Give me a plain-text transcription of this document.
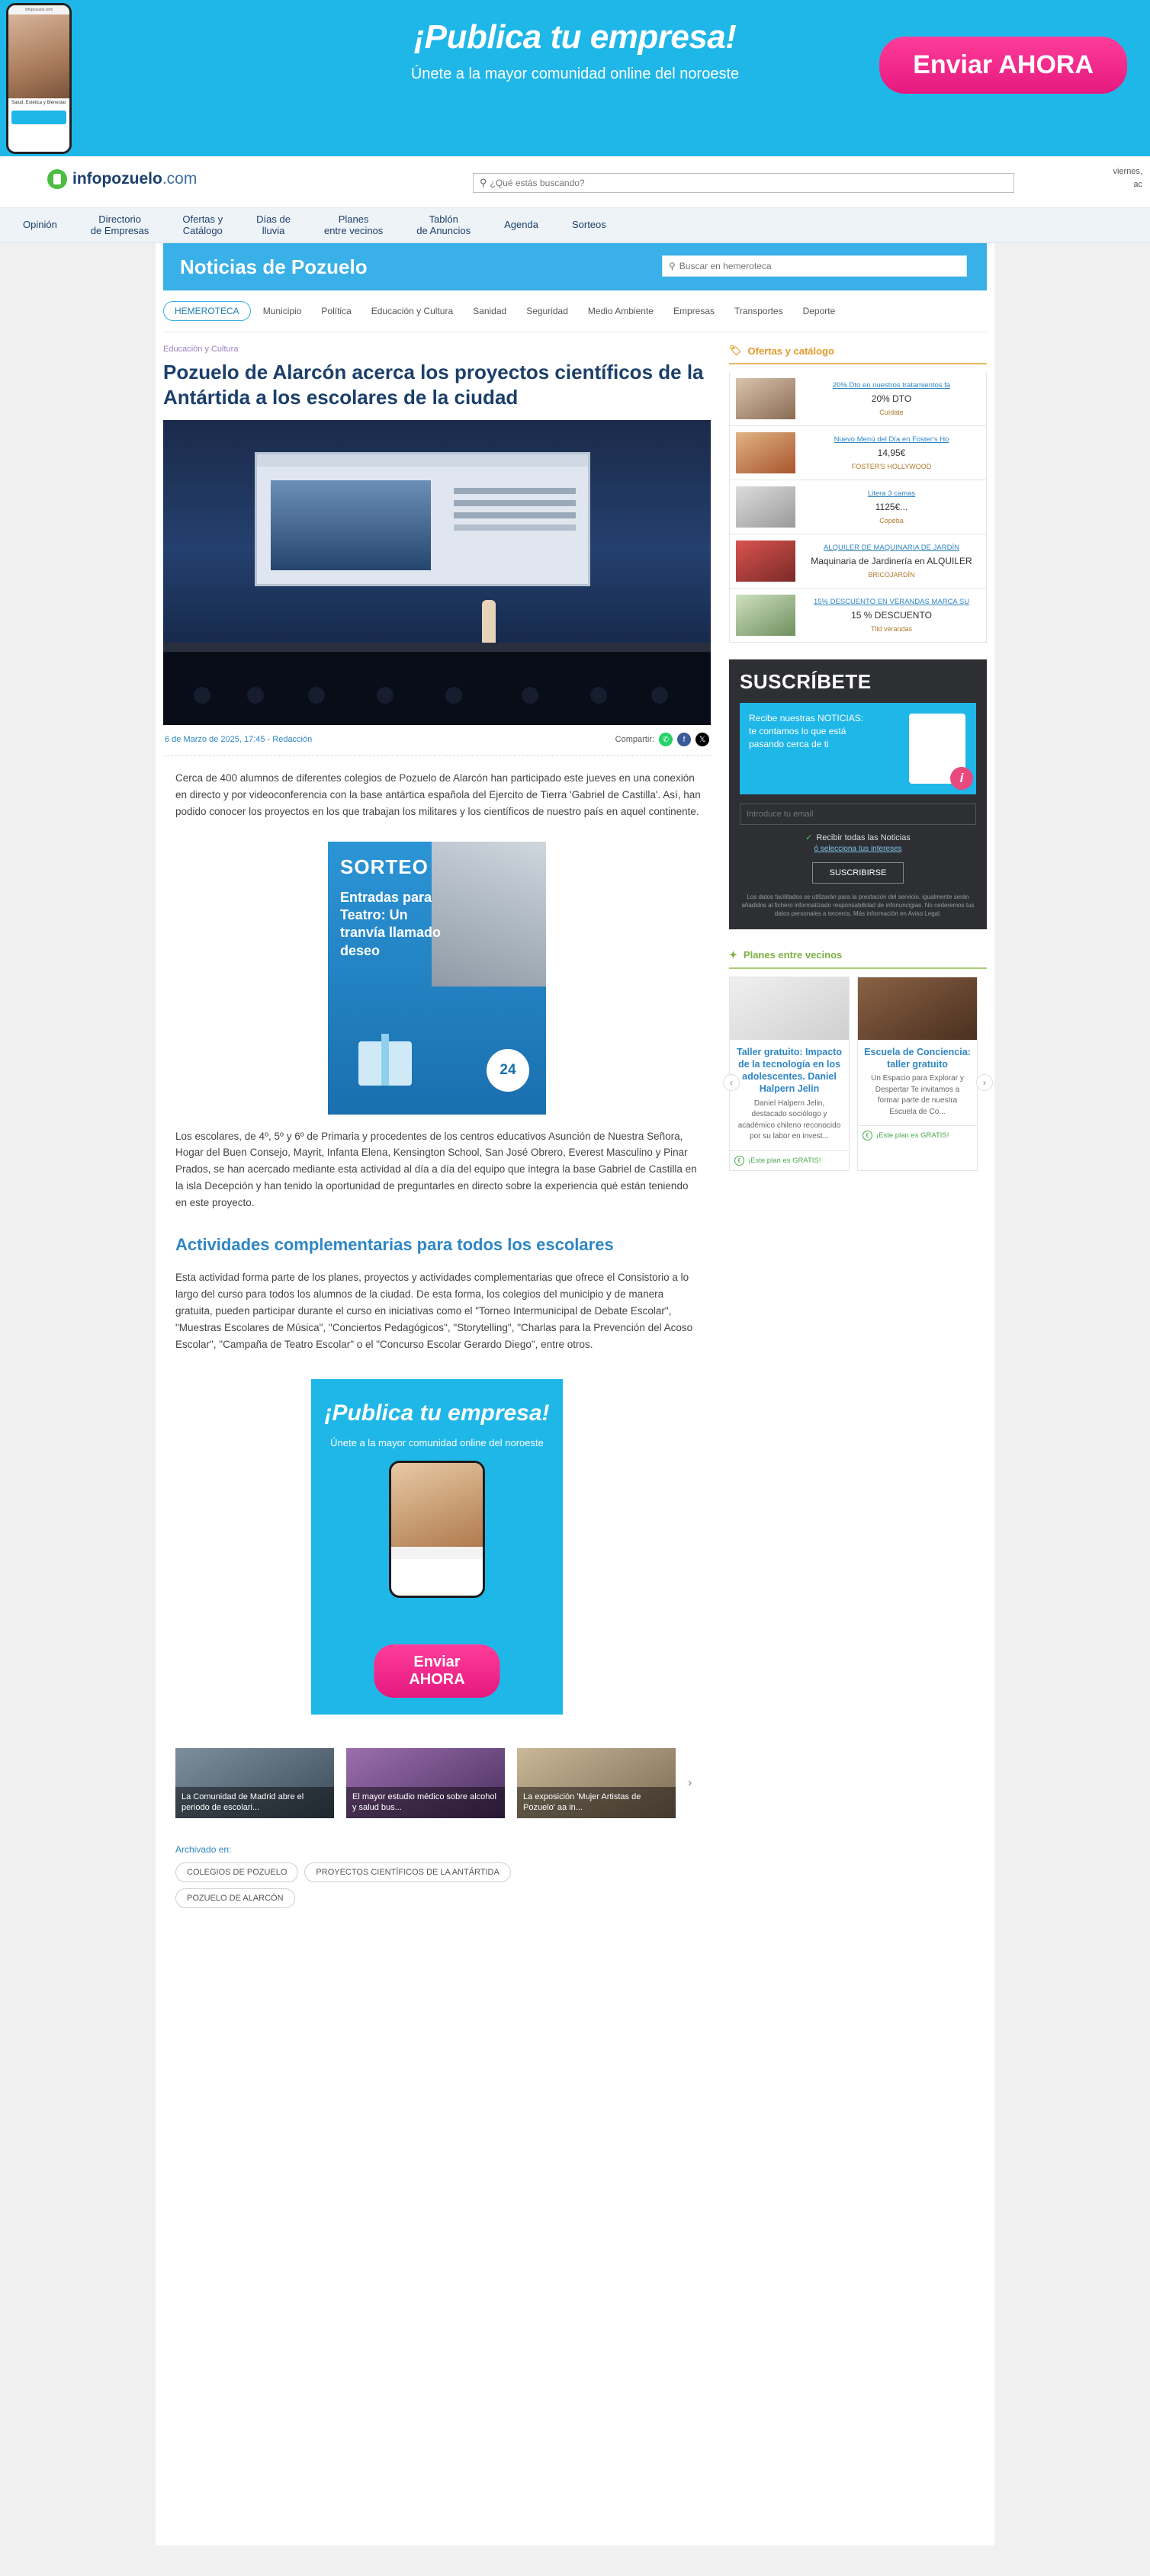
infopozuelo.com
Salud, Estética y Bienestar
¡Publica tu empresa!
Únete a la mayor comunidad online del noroeste	Enviar AHORA
infopozuelo.com	⚲
¿Qué estás buscando?
viernes,
ac
Opinión	Directorio
de Empresas
Ofertas y
Catálogo
Días de
lluvia
Planes
entre vecinos
Tablón
de Anuncios	Agenda	Sorteos
Noticias de Pozuelo	⚲
Buscar en hemeroteca
HEMEROTECA	Municipio	Política	Educación y Cultura	Sanidad	Seguridad	Medio Ambiente	Empresas	Transportes	Deporte
Educación y Cultura
Pozuelo de Alarcón acerca los proyectos científicos de la Antártida a los escolares de la ciudad
6 de Marzo de 2025, 17:45 - Redacción	Compartir:	✆	f	𝕏

Cerca de 400 alumnos de diferentes colegios de Pozuelo de Alarcón han participado este jueves en una conexión en directo y por videoconferencia con la base antártica española del Ejercito de Tierra 'Gabriel de Castilla'. Así, han podido conocer los proyectos en los que trabajan los militares y los científicos de nuestro país en aquel continente.

SORTEO
Entradas para Teatro: Un tranvía llamado deseo
24

Los escolares, de 4º, 5º y 6º de Primaria y procedentes de los centros educativos Asunción de Nuestra Señora, Hogar del Buen Consejo, Mayrit, Infanta Elena, Kensington School, San José Obrero, Everest Masculino y Pinar Prados, se han acercado mediante esta actividad al día a día del equipo que integra la base Gabriel de Castilla en la isla Decepción y han tenido la oportunidad de preguntarles en directo sobre la experiencia qué están teniendo en este proyecto.

Actividades complementarias para todos los escolares

Esta actividad forma parte de los planes, proyectos y actividades complementarias que ofrece el Consistorio a lo largo del curso para todos los alumnos de la ciudad. De esta forma, los colegios del municipio y de manera gratuita, pueden participar durante el curso en iniciativas como el "Torneo Intermunicipal de Debate Escolar", "Muestras Escolares de Música", "Conciertos Pedagógicos", "Storytelling", "Charlas para la Prevención del Acoso Escolar", "Campaña de Teatro Escolar" o el "Concurso Escolar Gerardo Diego", entre otros.

¡Publica tu empresa!

Únete a la mayor comunidad online del noroeste

Enviar AHORA
La Comunidad de Madrid abre el periodo de escolari...
El mayor estudio médico sobre alcohol y salud bus...
La exposición 'Mujer Artistas de Pozuelo' aa in...
›
Archivado en:
COLEGIOS DE POZUELO	PROYECTOS CIENTÍFICOS DE LA ANTÁRTIDA
POZUELO DE ALARCÓN
🏷 Ofertas y catálogo
20% Dto en nuestros tratamientos fa
20% DTO
Cuídate
Nuevo Menú del Día en Foster's Ho
14,95€
FOSTER'S HOLLYWOOD
Litera 3 camas
1125€...
Copeba
ALQUILER DE MAQUINARIA DE JARDÍN
Maquinaria de Jardinería en ALQUILER
BRICOJARDÍN
15% DESCUENTO EN VERANDAS MARCA SU
15 % DESCUENTO
Tlld verandas
SUSCRÍBETE

Recibe nuestras NOTICIAS: te contamos lo que está pasando cerca de ti

i
Introduce tu email
✓ Recibir todas las Noticias
ó selecciona tus intereses
SUSCRIBIRSE
Los datos facilitados se utilizarán para la prestación del servicio, igualmente serán añadidos al fichero informatizado responsabilidad de infonuncigias. No cederemos tus datos personales a terceros. Más información en Aviso Legal.
✦ Planes entre vecinos
Taller gratuito: Impacto de la tecnología en los adolescentes. Daniel Halpern Jelin
Daniel Halpern Jelin, destacado sociólogo y académico chileno reconocido por su labor en invest...
€ ¡Este plan es GRATIS!
Escuela de Conciencia: taller gratuito
Un Espacio para Explorar y Despertar Te invitamos a formar parte de nuestra Escuela de Co...
€ ¡Este plan es GRATIS!
‹	›
